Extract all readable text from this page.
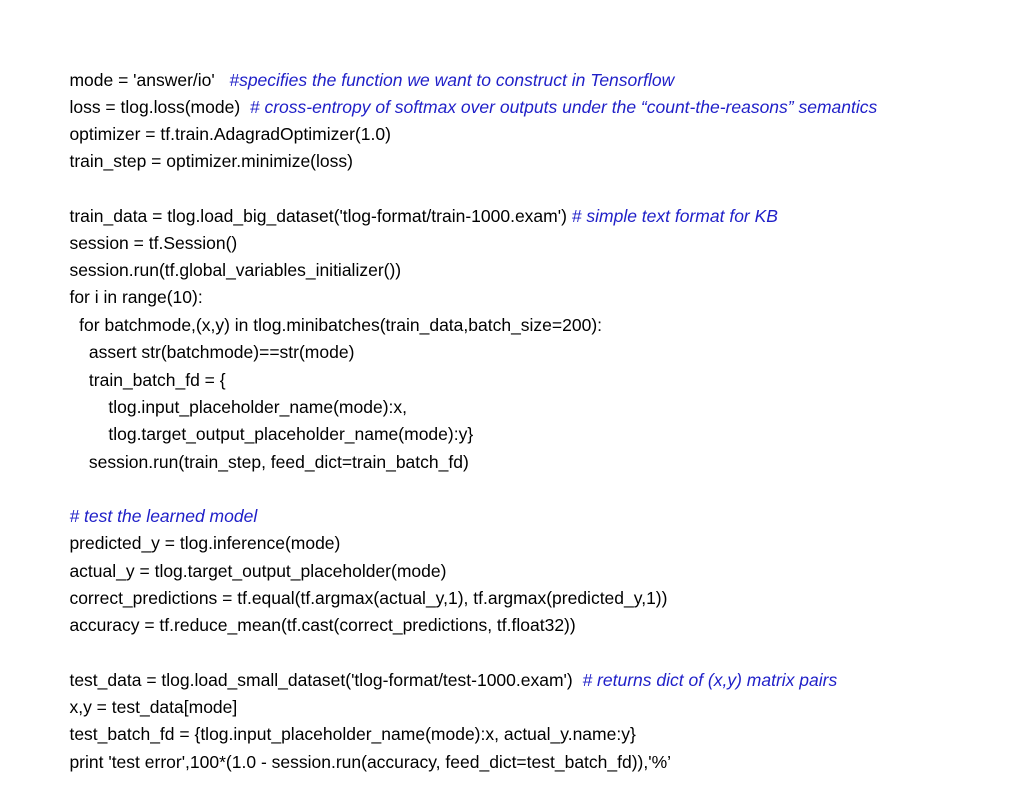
mode = 'answer/io'   #specifies the function we want to construct in Tensorflow

loss = tlog.loss(mode)  # cross-entropy of softmax over outputs under the “count-the-reasons” semantics

optimizer = tf.train.AdagradOptimizer(1.0)

train_step = optimizer.minimize(loss)

train_data = tlog.load_big_dataset('tlog-format/train-1000.exam') # simple text format for KB

session = tf.Session()

session.run(tf.global_variables_initializer())

for i in range(10):

for batchmode,(x,y) in tlog.minibatches(train_data,batch_size=200):

assert str(batchmode)==str(mode)

train_batch_fd = {

tlog.input_placeholder_name(mode):x,

tlog.target_output_placeholder_name(mode):y}

session.run(train_step, feed_dict=train_batch_fd)

# test the learned model

predicted_y = tlog.inference(mode)

actual_y = tlog.target_output_placeholder(mode)

correct_predictions = tf.equal(tf.argmax(actual_y,1), tf.argmax(predicted_y,1))

accuracy = tf.reduce_mean(tf.cast(correct_predictions, tf.float32))

test_data = tlog.load_small_dataset('tlog-format/test-1000.exam')  # returns dict of (x,y) matrix pairs

x,y = test_data[mode]

test_batch_fd = {tlog.input_placeholder_name(mode):x, actual_y.name:y}

print 'test error',100*(1.0 - session.run(accuracy, feed_dict=test_batch_fd)),'%’
